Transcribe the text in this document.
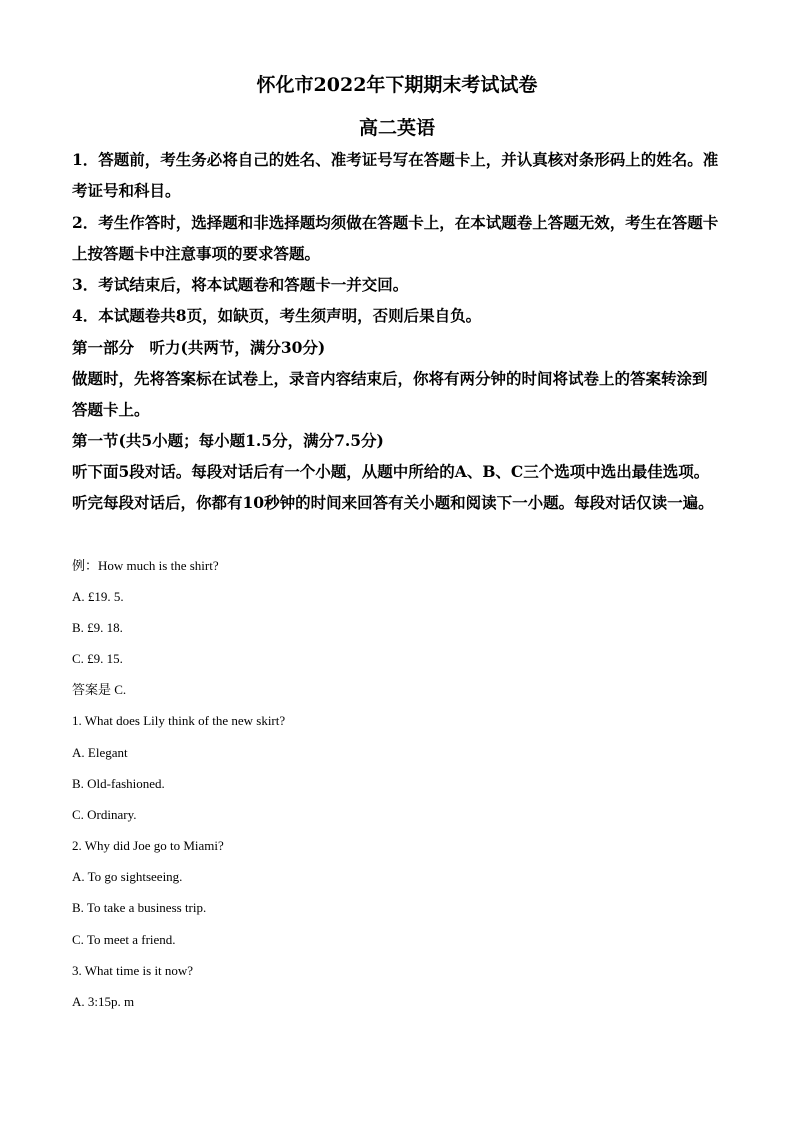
怀化市2022年下期期末考试试卷
高二英语
1．答题前，考生务必将自己的姓名、准考证号写在答题卡上，并认真核对条形码上的姓名。准考证号和科目。
2．考生作答时，选择题和非选择题均须做在答题卡上，在本试题卷上答题无效，考生在答题卡上按答题卡中注意事项的要求答题。
3．考试结束后，将本试题卷和答题卡一并交回。
4．本试题卷共8页，如缺页，考生须声明，否则后果自负。
第一部分　听力(共两节，满分30分)
做题时，先将答案标在试卷上，录音内容结束后，你将有两分钟的时间将试卷上的答案转涂到答题卡上。
第一节(共5小题；每小题1.5分，满分7.5分)
听下面5段对话。每段对话后有一个小题，从题中所给的A、B、C三个选项中选出最佳选项。听完每段对话后，你都有10秒钟的时间来回答有关小题和阅读下一小题。每段对话仅读一遍。
例：How much is the shirt?
A. £19. 5.
B. £9. 18.
C. £9. 15.
答案是 C.
1. What does Lily think of the new skirt?
A. Elegant
B. Old-fashioned.
C. Ordinary.
2. Why did Joe go to Miami?
A. To go sightseeing.
B. To take a business trip.
C. To meet a friend.
3. What time is it now?
A. 3:15p. m
